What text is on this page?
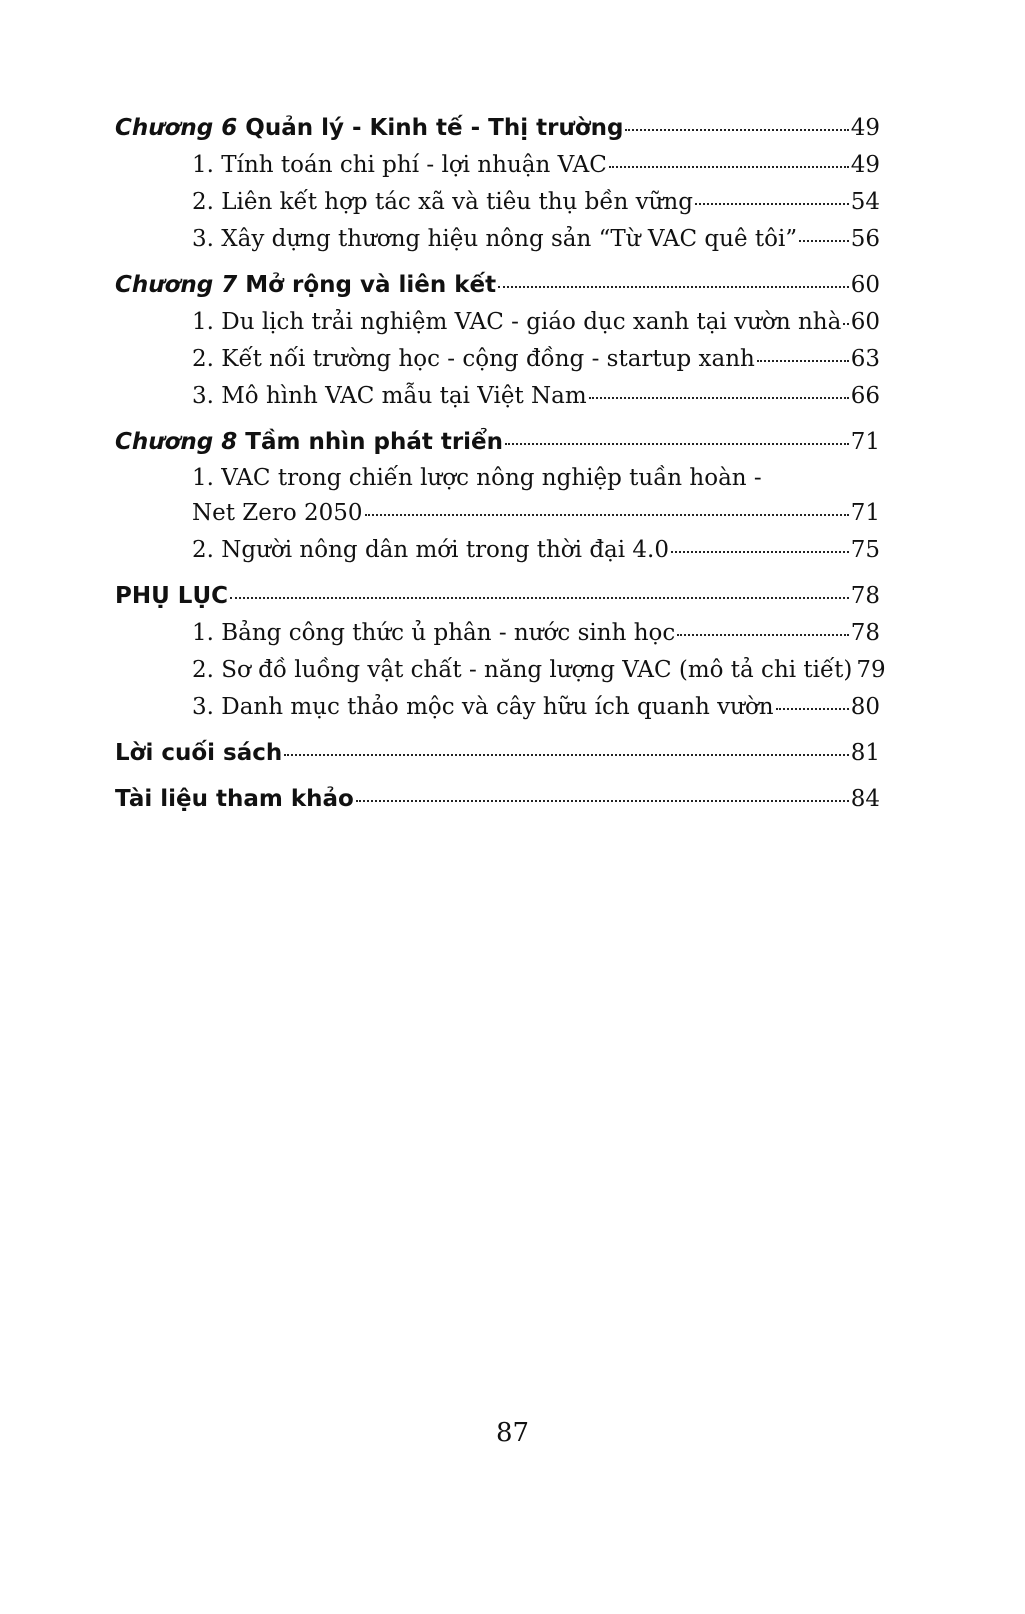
Chương 6 Quản lý - Kinh tế - Thị trường	49
1. Tính toán chi phí - lợi nhuận VAC	49
2. Liên kết hợp tác xã và tiêu thụ bền vững	54
3. Xây dựng thương hiệu nông sản “Từ VAC quê tôi” 56
Chương 7 Mở rộng và liên kết	60
1. Du lịch trải nghiệm VAC - giáo dục xanh tại vườn nhà 60
2. Kết nối trường học - cộng đồng - startup xanh	63
3. Mô hình VAC mẫu tại Việt Nam	66
Chương 8 Tầm nhìn phát triển	71
1. VAC trong chiến lược nông nghiệp tuần hoàn -
Net Zero 2050	71
2. Người nông dân mới trong thời đại 4.0	75
PHỤ LỤC	78
1. Bảng công thức ủ phân - nước sinh học	78
2. Sơ đồ luồng vật chất - năng lượng VAC (mô tả chi tiết) 79
3. Danh mục thảo mộc và cây hữu ích quanh vườn	80
Lời cuối sách	81
Tài liệu tham khảo	84
87
